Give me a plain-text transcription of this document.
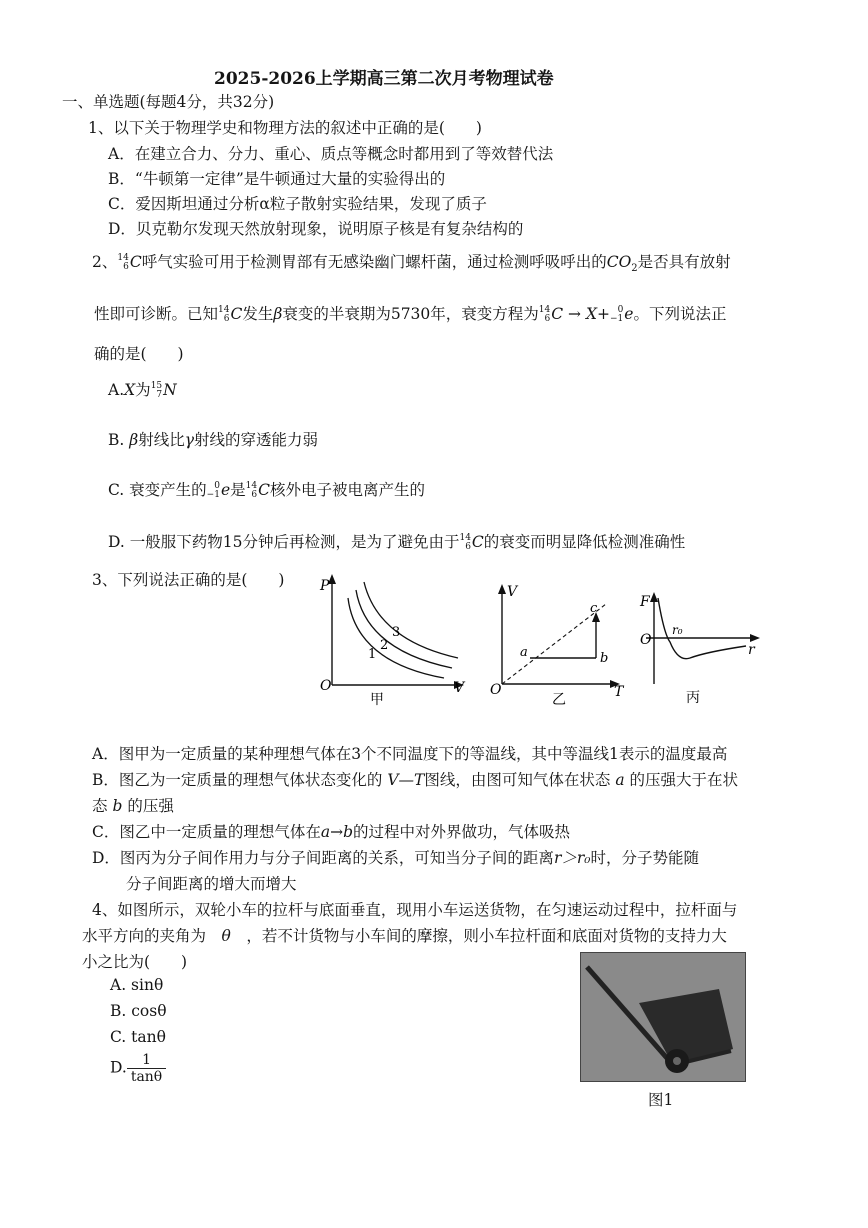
2025-2026上学期高三第二次月考物理试卷
一、单选题(每题4分，共32分)
1、以下关于物理学史和物理方法的叙述中正确的是(　　)
A．在建立合力、分力、重心、质点等概念时都用到了等效替代法
B．“牛顿第一定律”是牛顿通过大量的实验得出的
C．爱因斯坦通过分析α粒子散射实验结果，发现了质子
D．贝克勒尔发现天然放射现象，说明原子核是有复杂结构的
2、 14
6 C呼气实验可用于检测胃部有无感染幽门螺杆菌，通过检测呼吸呼出的$CO_2$是否具有放射
性即可诊断。已知 14
6 C发生β衰变的半衰期为5730年，衰变方程为 14
6 C → X+ 0
−1 e。下列说法正
确的是(　　)
A.X为 15
7 N
B. β射线比γ射线的穿透能力弱
C. 衰变产生的 0
−1 e是 14
6 C核外电子被电离产生的
D. 一般服下药物15分钟后再检测，是为了避免由于 14
6 C的衰变而明显降低检测准确性
3、下列说法正确的是(　　)	P
O	V
1
2
3
甲
V
O	T
a	b
c
乙
F
O
r
r₀
丙
A．图甲为一定质量的某种理想气体在3个不同温度下的等温线，其中等温线1表示的温度最高
B．图乙为一定质量的理想气体状态变化的 V—T图线，由图可知气体在状态 a 的压强大于在状
态 b 的压强
C．图乙中一定质量的理想气体在a→b的过程中对外界做功，气体吸热
D．图丙为分子间作用力与分子间距离的关系，可知当分子间的距离r＞r₀时，分子势能随
分子间距离的增大而增大
4、如图所示，双轮小车的拉杆与底面垂直，现用小车运送货物，在匀速运动过程中，拉杆面与
水平方向的夹角为　 θ　 ，若不计货物与小车间的摩擦，则小车拉杆面和底面对货物的支持力大
小之比为(　　)
A. sinθ
B. cosθ
C. tanθ
D. $\frac{1}{\tan\theta}$
图1
